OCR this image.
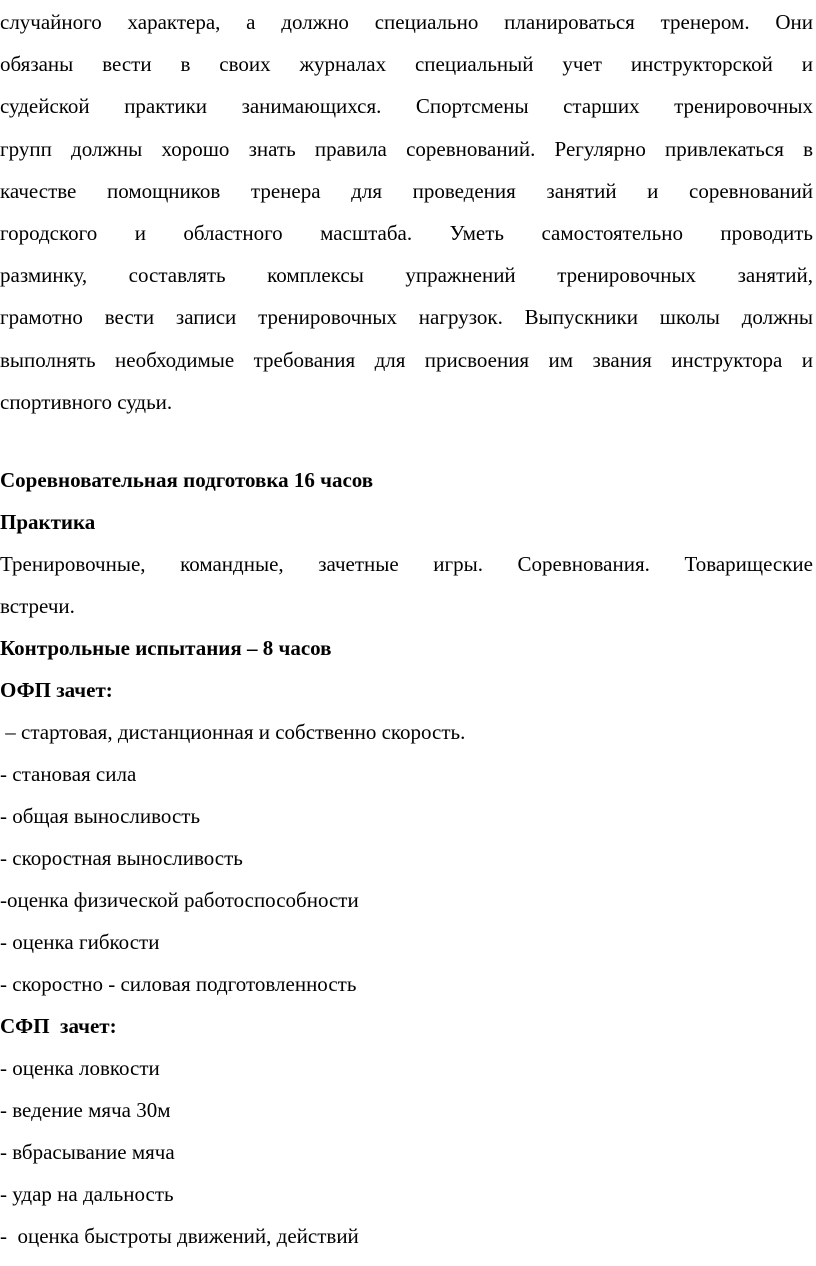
случайного характера, а должно специально планироваться тренером. Они
обязаны вести в своих журналах специальный учет инструкторской и
судейской практики занимающихся. Спортсмены старших тренировочных
групп должны хорошо знать правила соревнований. Регулярно привлекаться в
качестве помощников тренера для проведения занятий и соревнований
городского и областного масштаба. Уметь самостоятельно проводить
разминку, составлять комплексы упражнений тренировочных занятий,
грамотно вести записи тренировочных нагрузок. Выпускники школы должны
выполнять необходимые требования для присвоения им звания инструктора и
спортивного судьи.
Соревновательная подготовка 16 часов
Практика
Тренировочные, командные, зачетные игры. Соревнования. Товарищеские
встречи.
Контрольные испытания – 8 часов
ОФП зачет:
– стартовая, дистанционная и собственно скорость.
- становая сила
- общая выносливость
- скоростная выносливость
-оценка физической работоспособности
- оценка гибкости
- скоростно - силовая подготовленность
СФП  зачет:
- оценка ловкости
- ведение мяча 30м
- вбрасывание мяча
- удар на дальность
-  оценка быстроты движений, действий
